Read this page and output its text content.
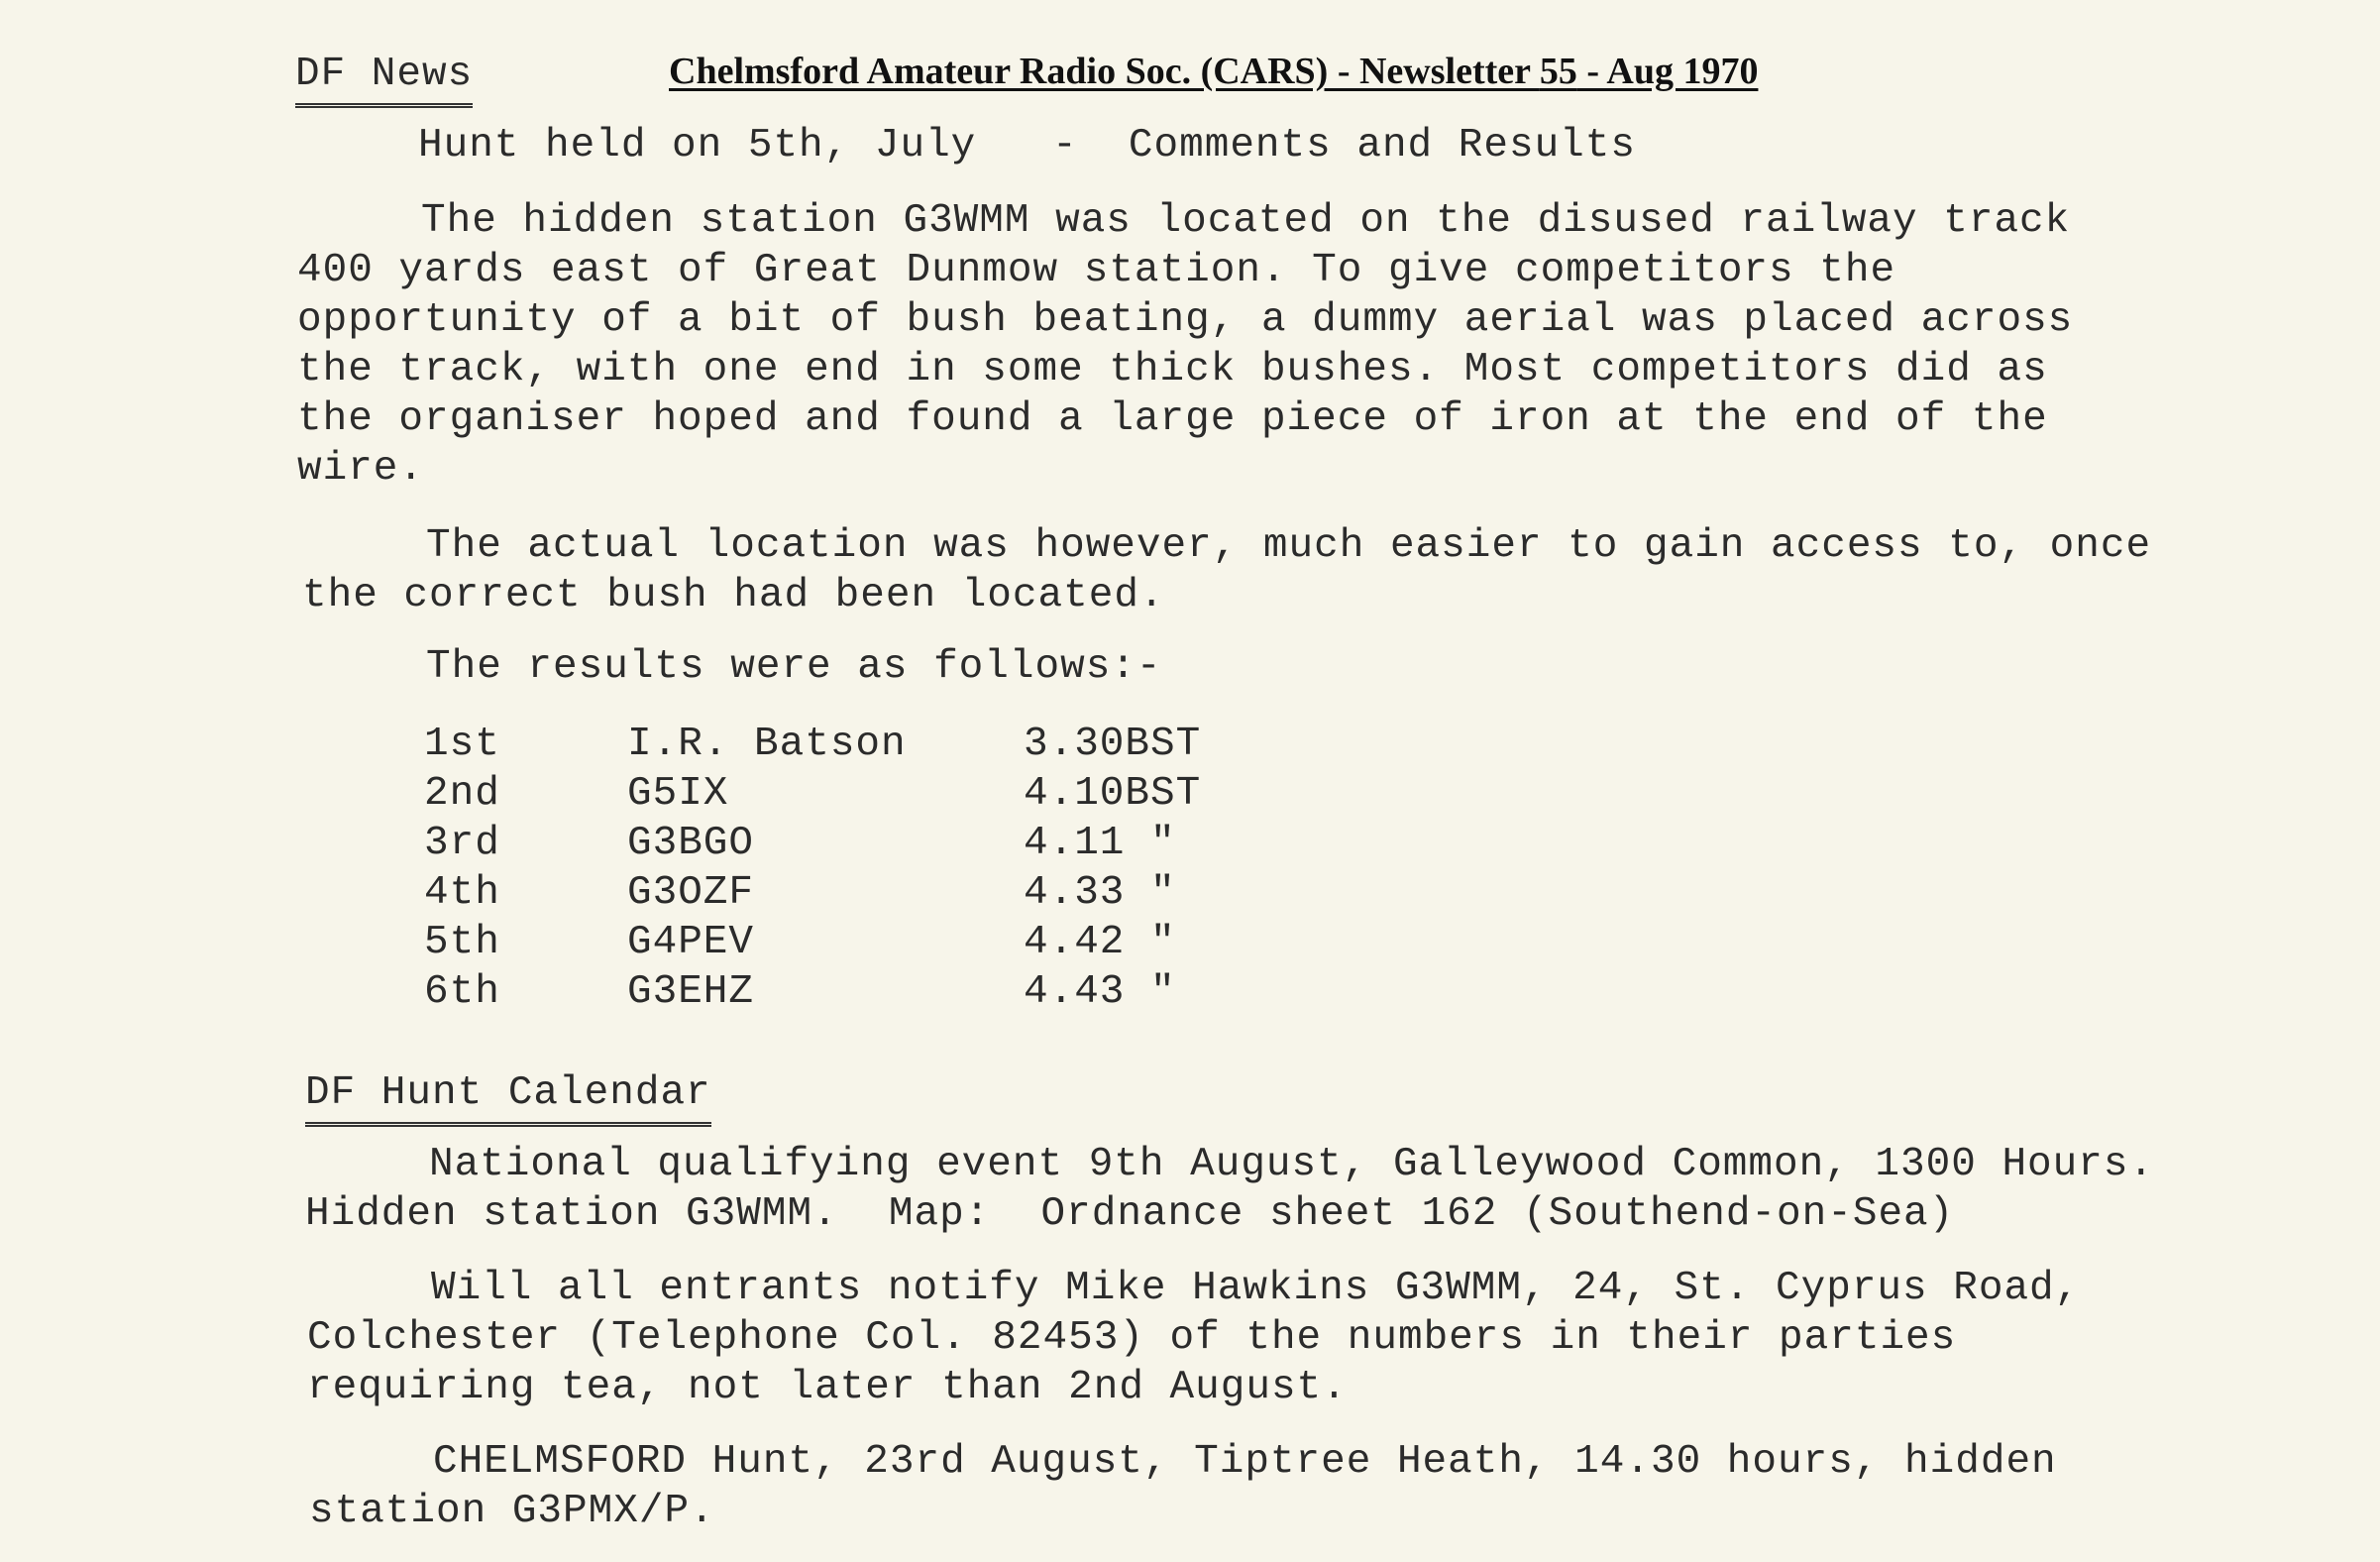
Chelmsford Amateur Radio Soc. (CARS) - Newsletter 55 - Aug 1970
DF News
Hunt held on 5th, July   -  Comments and Results

The hidden station G3WMM was located on the disused railway track

400 yards east of Great Dunmow station. To give competitors the

opportunity of a bit of bush beating, a dummy aerial was placed across

the track, with one end in some thick bushes. Most competitors did as

the organiser hoped and found a large piece of iron at the end of the

wire.

The actual location was however, much easier to gain access to, once

the correct bush had been located.

The results were as follows:-
1st	I.R. Batson	3.30BST
2nd	G5IX	4.10BST
3rd	G3BGO	4.11 "
4th	G3OZF	4.33 "
5th	G4PEV	4.42 "
6th	G3EHZ	4.43 "
DF Hunt Calendar

National qualifying event 9th August, Galleywood Common, 1300 Hours.

Hidden station G3WMM.  Map:  Ordnance sheet 162 (Southend-on-Sea)

Will all entrants notify Mike Hawkins G3WMM, 24, St. Cyprus Road,

Colchester (Telephone Col. 82453) of the numbers in their parties

requiring tea, not later than 2nd August.

CHELMSFORD Hunt, 23rd August, Tiptree Heath, 14.30 hours, hidden

station G3PMX/P.
